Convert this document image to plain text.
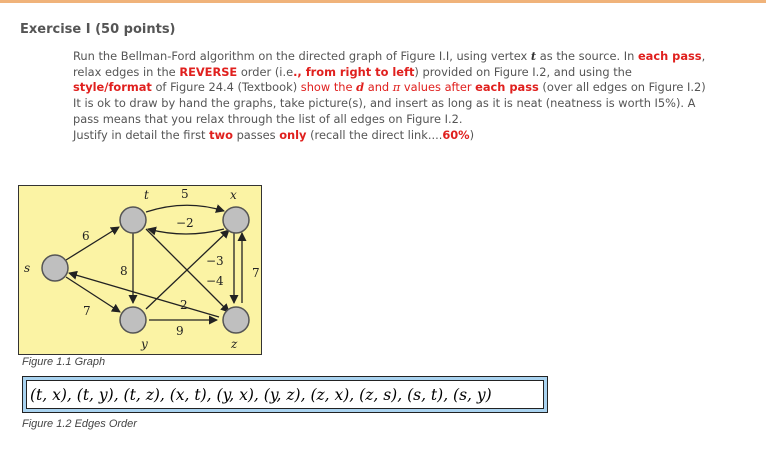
Exercise I (50 points)
Run the Bellman-Ford algorithm on the directed graph of Figure I.I, using vertex t as the source. In each pass,
relax edges in the REVERSE order (i.e., from right to left) provided on Figure I.2, and using the
style/format of Figure 24.4 (Textbook) show the d and π values after each pass (over all edges on Figure I.2)
It is ok to draw by hand the graphs, take picture(s), and insert as long as it is neat (neatness is worth I5%). A
pass means that you relax through the list of all edges on Figure I.2.
Justify in detail the first two passes only (recall the direct link....60%)
t	x
s
y	z
5
−2
6
7
8
−3
−4
7
2
9
Figure 1.1 Graph
(t, x), (t, y), (t, z), (x, t), (y, x), (y, z), (z, x), (z, s), (s, t), (s, y)
Figure 1.2 Edges Order
